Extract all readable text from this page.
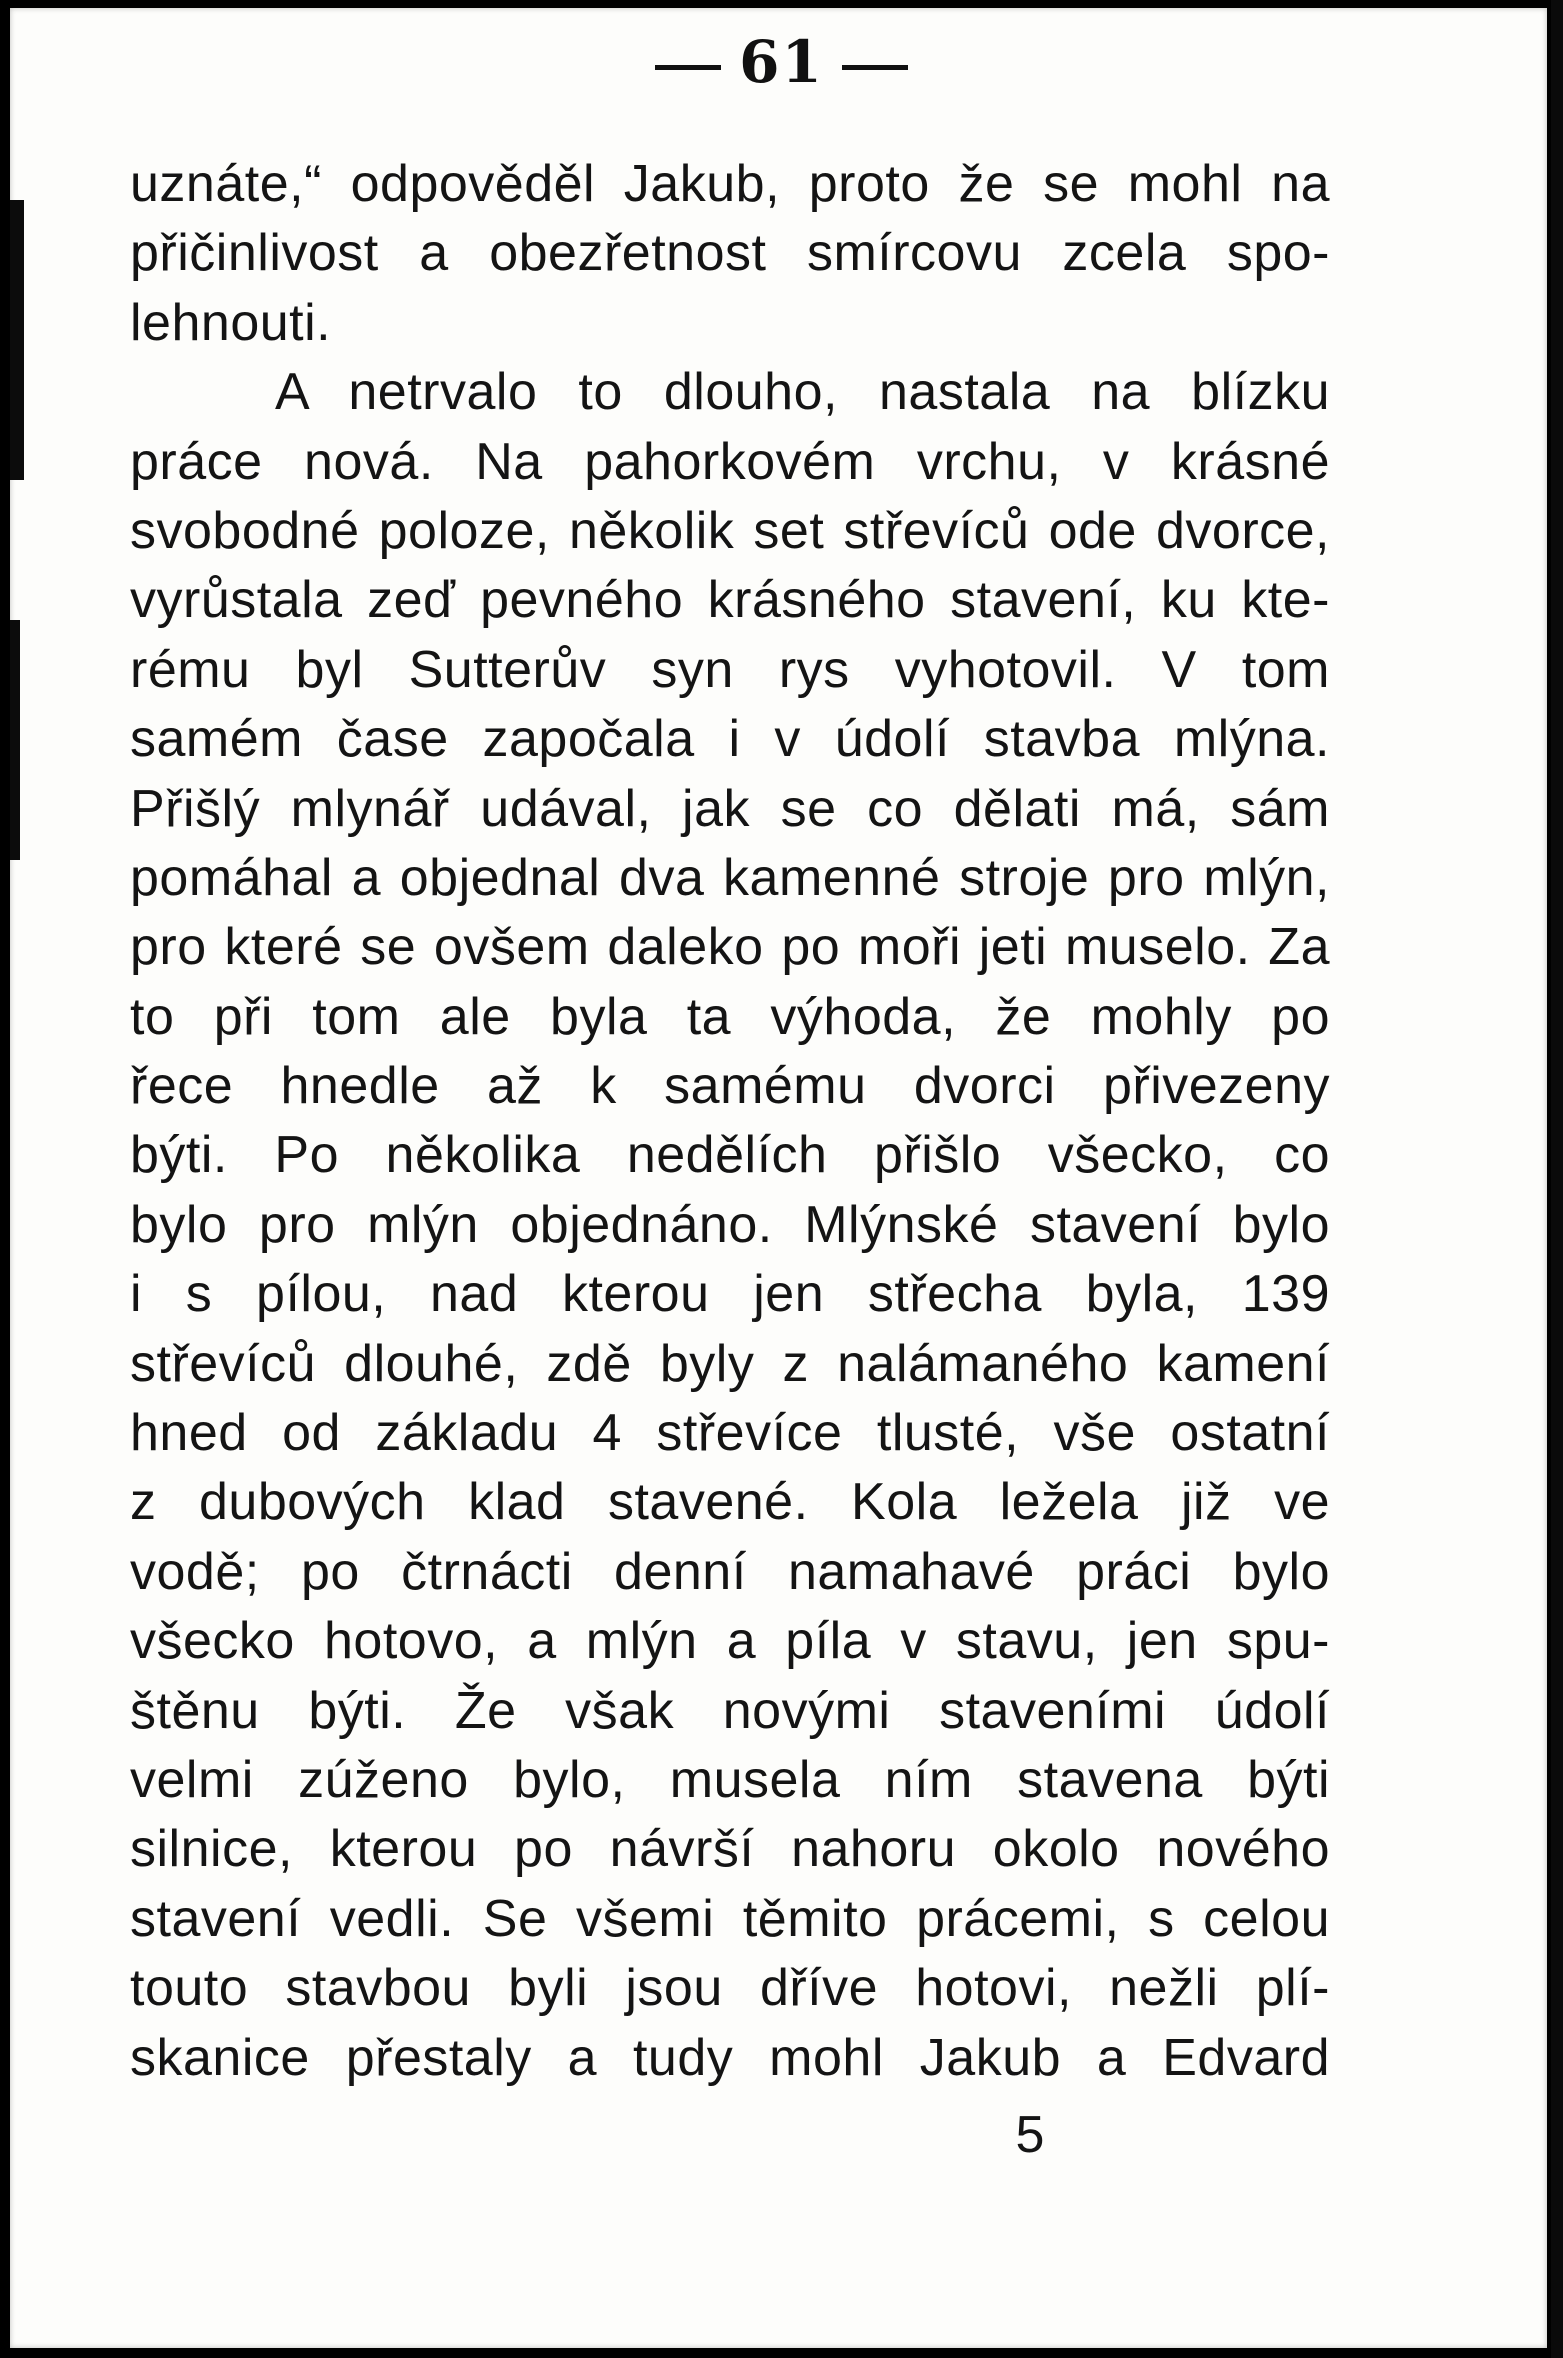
61
uznáte,“ odpověděl Jakub, proto že se mohl na
přičinlivost a obezřetnost smírcovu zcela spo-
lehnouti.
A netrvalo to dlouho, nastala na blízku
práce nová. Na pahorkovém vrchu, v krásné
svobodné poloze, několik set střevíců ode dvorce,
vyrůstala zeď pevného krásného stavení, ku kte-
rému byl Sutterův syn rys vyhotovil. V tom
samém čase započala i v údolí stavba mlýna.
Přišlý mlynář udával, jak se co dělati má, sám
pomáhal a objednal dva kamenné stroje pro mlýn,
pro které se ovšem daleko po moři jeti muselo. Za
to při tom ale byla ta výhoda, že mohly po
řece hnedle až k samému dvorci přivezeny
býti. Po několika nedělích přišlo všecko, co
bylo pro mlýn objednáno. Mlýnské stavení bylo
i s pílou, nad kterou jen střecha byla, 139
střevíců dlouhé, zdě byly z nalámaného kamení
hned od základu 4 střevíce tlusté, vše ostatní
z dubových klad stavené. Kola ležela již ve
vodě; po čtrnácti denní namahavé práci bylo
všecko hotovo, a mlýn a píla v stavu, jen spu-
štěnu býti. Že však novými staveními údolí
velmi zúženo bylo, musela ním stavena býti
silnice, kterou po návrší nahoru okolo nového
stavení vedli. Se všemi těmito prácemi, s celou
touto stavbou byli jsou dříve hotovi, nežli plí-
skanice přestaly a tudy mohl Jakub a Edvard
5
